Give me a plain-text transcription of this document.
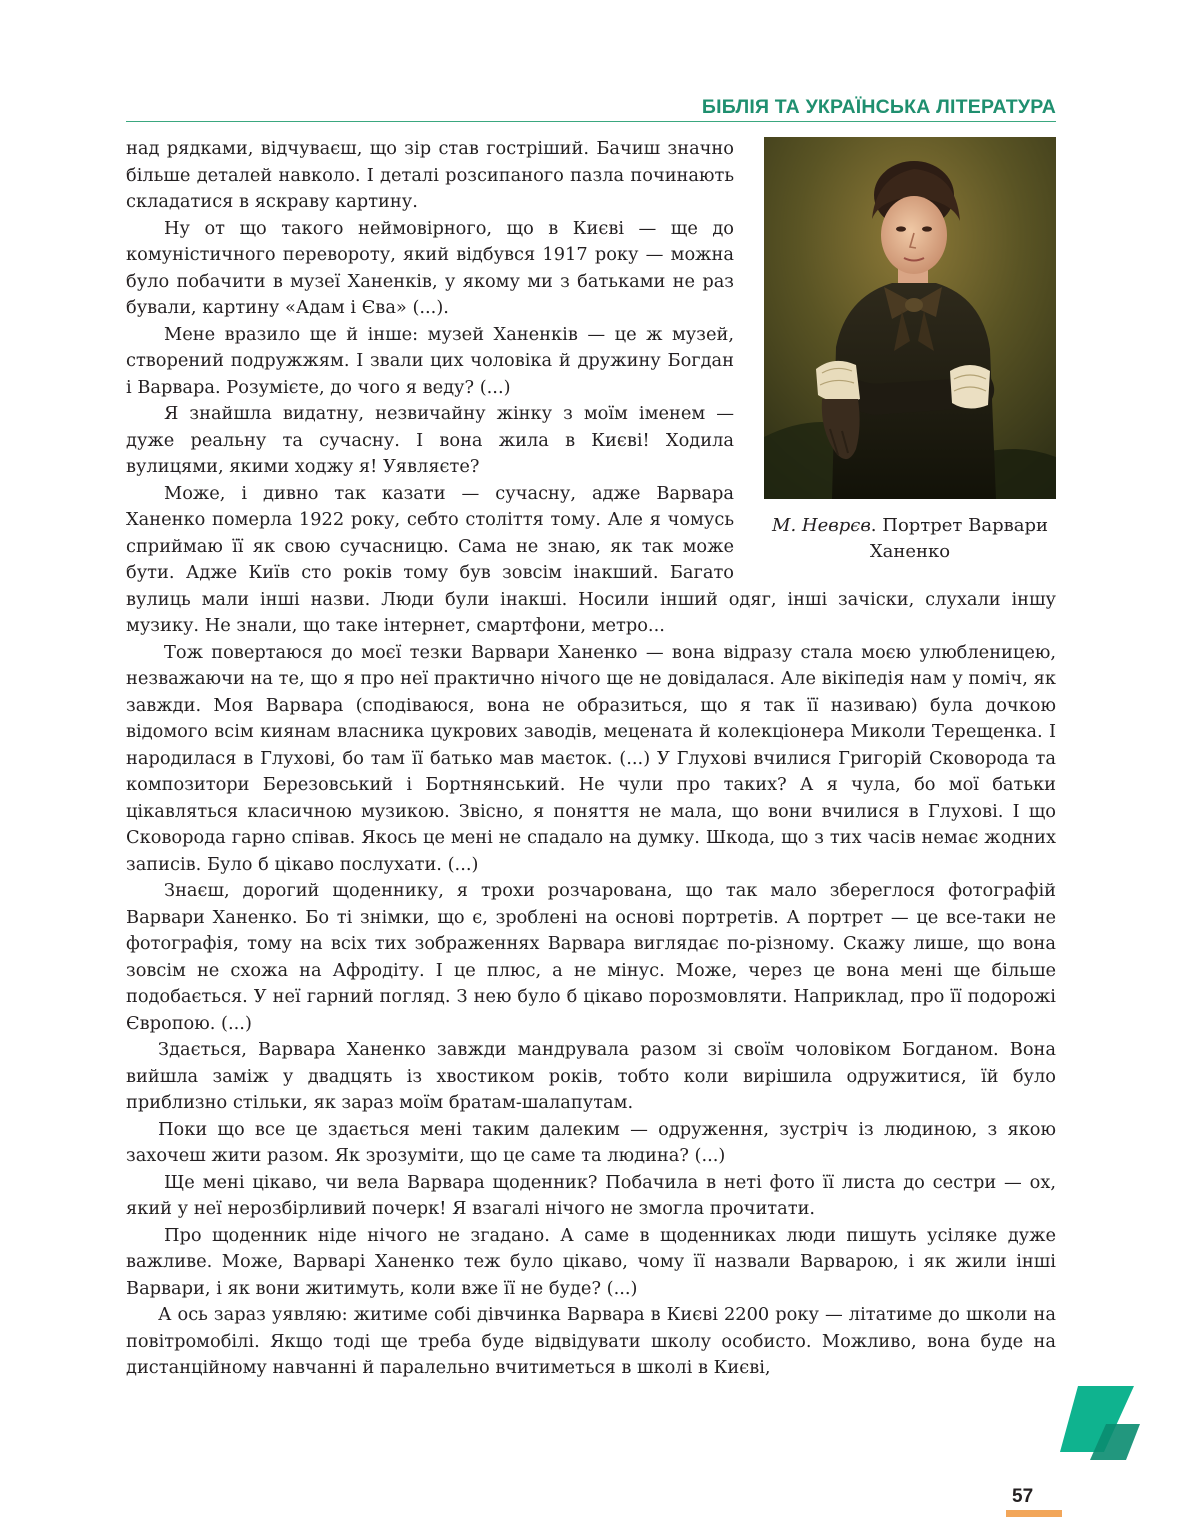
БІБЛІЯ ТА УКРАЇНСЬКА ЛІТЕРАТУРА

М. Неврєв. Портрет Варвари Ханенко

над рядками, відчуваєш, що зір став гостріший. Бачиш значно більше деталей навколо. І деталі розсипаного пазла починають складатися в яскраву картину.

Ну от що такого неймовірного, що в Києві — ще до комуністичного перевороту, який відбувся 1917 року — можна було побачити в музеї Ханенків, у якому ми з батьками не раз бували, картину «Адам і Єва» (...).

Мене вразило ще й інше: музей Ханенків — це ж музей, створений подружжям. І звали цих чоловіка й дружину Богдан і Варвара. Розумієте, до чого я веду? (...)

Я знайшла видатну, незвичайну жінку з моїм іменем — дуже реальну та сучасну. І вона жила в Києві! Ходила вулицями, якими ходжу я! Уявляєте?

Може, і дивно так казати — сучасну, адже Варвара Ханенко померла 1922 року, себто століття тому. Але я чомусь сприймаю її як свою сучасницю. Сама не знаю, як так може бути. Адже Київ сто років тому був зовсім інакший. Багато вулиць мали інші назви. Люди були інакші. Носили інший одяг, інші зачіски, слухали іншу музику. Не знали, що таке інтернет, смартфони, метро...

Тож повертаюся до моєї тезки Варвари Ханенко — вона відразу стала моєю улюбленицею, незважаючи на те, що я про неї практично нічого ще не довідалася. Але вікіпедія нам у поміч, як завжди. Моя Варвара (сподіваюся, вона не образиться, що я так її називаю) була дочкою відомого всім киянам власника цукрових заводів, мецената й колекціонера Миколи Терещенка. І народилася в Глухові, бо там її батько мав маєток. (...) У Глухові вчилися Григорій Сковорода та композитори Березовський і Бортнянський. Не чули про таких? А я чула, бо мої батьки цікавляться класичною музикою. Звісно, я поняття не мала, що вони вчилися в Глухові. І що Сковорода гарно співав. Якось це мені не спадало на думку. Шкода, що з тих часів немає жодних записів. Було б цікаво послухати. (...)

Знаєш, дорогий щоденнику, я трохи розчарована, що так мало збереглося фотографій Варвари Ханенко. Бо ті знімки, що є, зроблені на основі портретів. А портрет — це все-таки не фотографія, тому на всіх тих зображеннях Варвара виглядає по-різному. Скажу лише, що вона зовсім не схожа на Афродіту. І це плюс, а не мінус. Може, через це вона мені ще більше подобається. У неї гарний погляд. З нею було б цікаво порозмовляти. Наприклад, про її подорожі Європою. (...)

Здається, Варвара Ханенко завжди мандрувала разом зі своїм чоловіком Богданом. Вона вийшла заміж у двадцять із хвостиком років, тобто коли вирішила одружитися, їй було приблизно стільки, як зараз моїм братам-шалапутам.

Поки що все це здається мені таким далеким — одруження, зустріч із людиною, з якою захочеш жити разом. Як зрозуміти, що це саме та людина? (...)

Ще мені цікаво, чи вела Варвара щоденник? Побачила в неті фото її листа до сестри — ох, який у неї нерозбірливий почерк! Я взагалі нічого не змогла прочитати.

Про щоденник ніде нічого не згадано. А саме в щоденниках люди пишуть усіляке дуже важливе. Може, Варварі Ханенко теж було цікаво, чому її назвали Варварою, і як жили інші Варвари, і як вони житимуть, коли вже її не буде? (...)

А ось зараз уявляю: житиме собі дівчинка Варвара в Києві 2200 року — літатиме до школи на повітромобілі. Якщо тоді ще треба буде відвідувати школу особисто. Можливо, вона буде на дистанційному навчанні й паралельно вчитиметься в школі в Києві,

57
